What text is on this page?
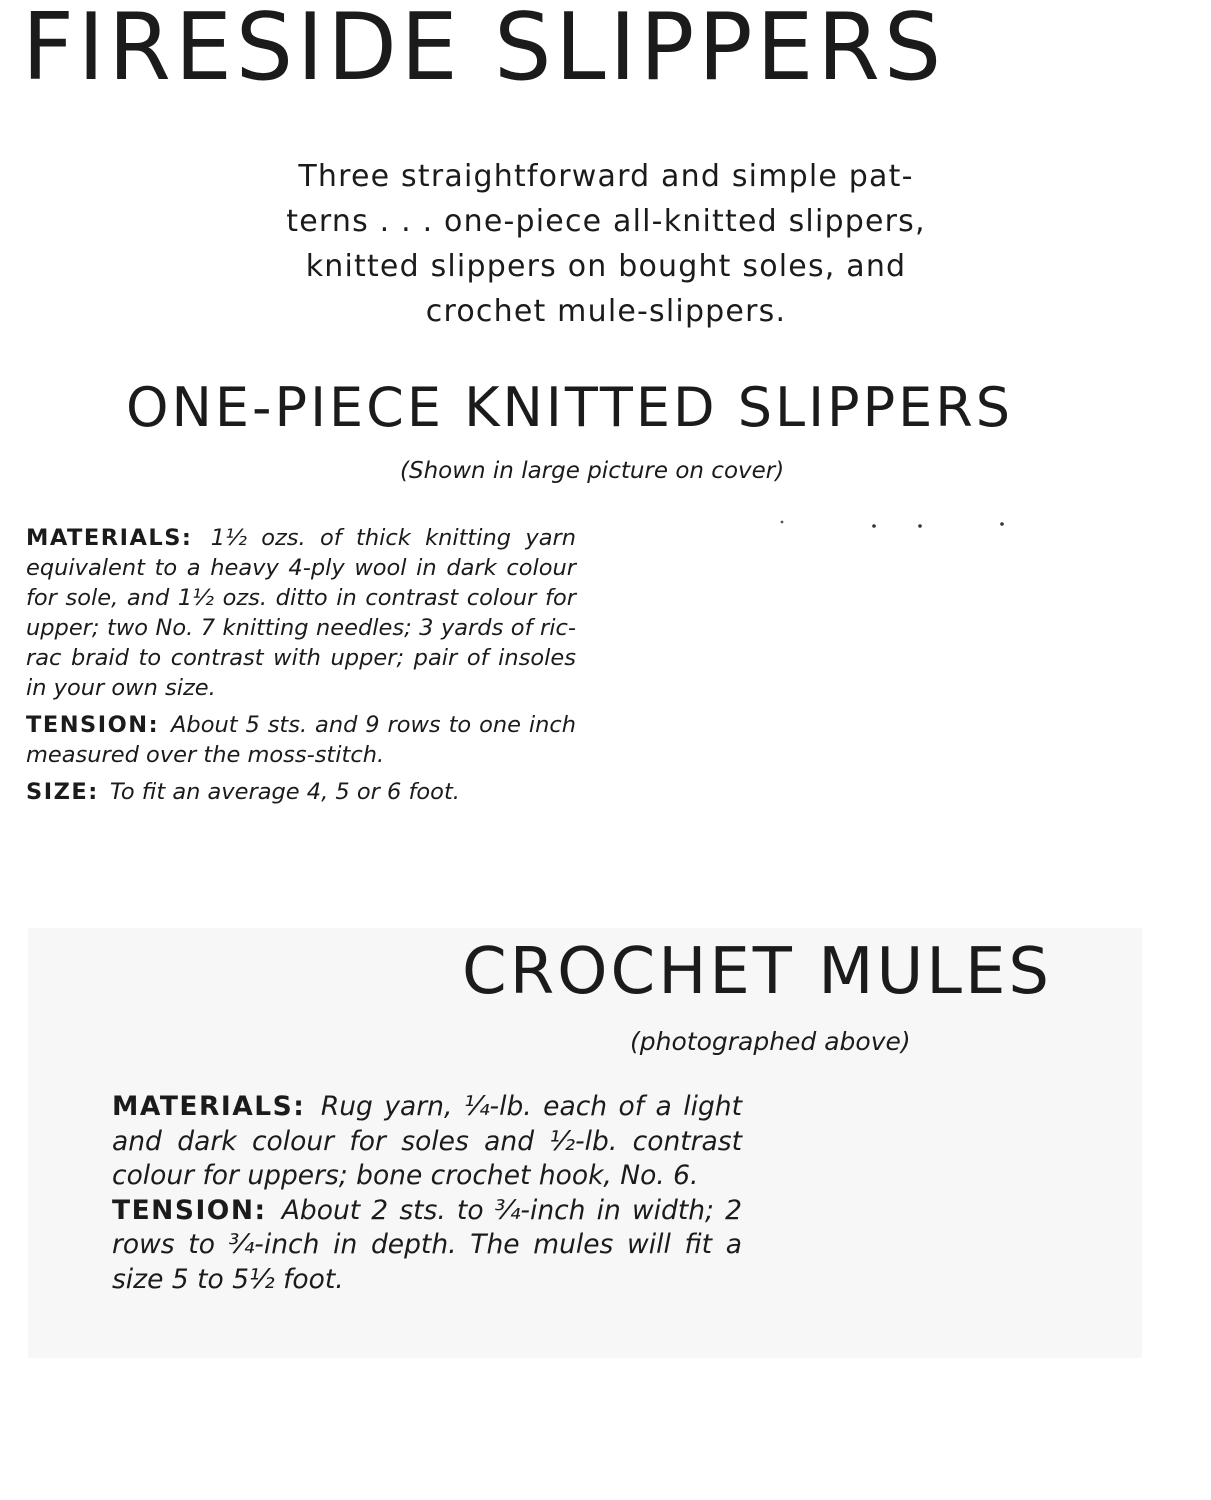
FIRESIDE SLIPPERS

Three straightforward and simple pat- terns . . . one-piece all-knitted slippers, knitted slippers on bought soles, and crochet mule-slippers.

ONE-PIECE KNITTED SLIPPERS

(Shown in large picture on cover)

MATERIALS: 1½ ozs. of thick knitting yarn equivalent to a heavy 4-ply wool in dark colour for sole, and 1½ ozs. ditto in contrast colour for upper; two No. 7 knitting needles; 3 yards of ric-rac braid to contrast with upper; pair of insoles in your own size.

TENSION: About 5 sts. and 9 rows to one inch measured over the moss-stitch.

SIZE: To fit an average 4, 5 or 6 foot.

CROCHET MULES

(photographed above)

MATERIALS: Rug yarn, ¼-lb. each of a light and dark colour for soles and ½-lb. contrast colour for uppers; bone crochet hook, No. 6.

TENSION: About 2 sts. to ¾-inch in width; 2 rows to ¾-inch in depth. The mules will fit a size 5 to 5½ foot.
